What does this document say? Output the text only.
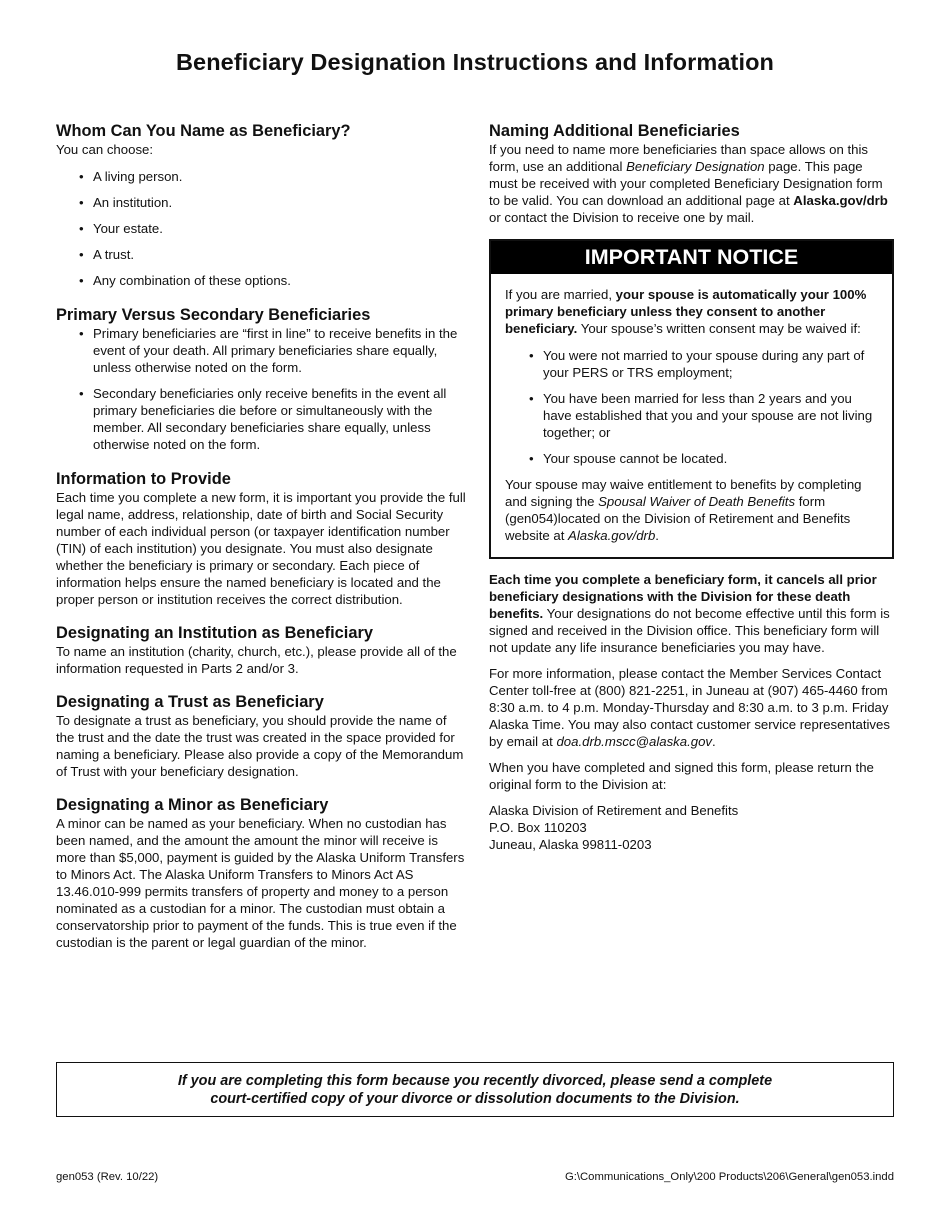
Beneficiary Designation Instructions and Information
Whom Can You Name as Beneficiary?

You can choose:

• A living person.
• An institution.
• Your estate.
• A trust.
• Any combination of these options.
Primary Versus Secondary Beneficiaries
• Primary beneficiaries are “first in line” to receive benefits in the event of your death. All primary beneficiaries share equally, unless otherwise noted on the form.
• Secondary beneficiaries only receive benefits in the event all primary beneficiaries die before or simultaneously with the member. All secondary beneficiaries share equally, unless otherwise noted on the form.
Information to Provide

Each time you complete a new form, it is important you provide the full legal name, address, relationship, date of birth and Social Security number of each individual person (or taxpayer identification number (TIN) of each institution) you designate. You must also designate whether the beneficiary is primary or secondary. Each piece of information helps ensure the named beneficiary is located and the proper person or institution receives the correct distribution.

Designating an Institution as Beneficiary

To name an institution (charity, church, etc.), please provide all of the information requested in Parts 2 and/or 3.

Designating a Trust as Beneficiary

To designate a trust as beneficiary, you should provide the name of the trust and the date the trust was created in the space provided for naming a beneficiary. Please also provide a copy of the Memorandum of Trust with your beneficiary designation.

Designating a Minor as Beneficiary

A minor can be named as your beneficiary. When no custodian has been named, and the amount the amount the minor will receive is more than $5,000, payment is guided by the Alaska Uniform Transfers to Minors Act. The Alaska Uniform Transfers to Minors Act AS 13.46.010-999 permits transfers of property and money to a person nominated as a custodian for a minor. The custodian must obtain a conservatorship prior to payment of the funds. This is true even if the custodian is the parent or legal guardian of the minor.

Naming Additional Beneficiaries

If you need to name more beneficiaries than space allows on this form, use an additional Beneficiary Designation page. This page must be received with your completed Beneficiary Designation form to be valid. You can download an additional page at Alaska.gov/drb or contact the Division to receive one by mail.

IMPORTANT NOTICE

If you are married, your spouse is automatically your 100% primary beneficiary unless they consent to another beneficiary. Your spouse’s written consent may be waived if:

• You were not married to your spouse during any part of your PERS or TRS employment;
• You have been married for less than 2 years and you have established that you and your spouse are not living together; or
• Your spouse cannot be located.

Your spouse may waive entitlement to benefits by completing and signing the Spousal Waiver of Death Benefits form (gen054)located on the Division of Retirement and Benefits website at Alaska.gov/drb.

Each time you complete a beneficiary form, it cancels all prior beneficiary designations with the Division for these death benefits. Your designations do not become effective until this form is signed and received in the Division office. This beneficiary form will not update any life insurance beneficiaries you may have.

For more information, please contact the Member Services Contact Center toll-free at (800) 821-2251, in Juneau at (907) 465-4460 from 8:30 a.m. to 4 p.m. Monday-Thursday and 8:30 a.m. to 3 p.m. Friday Alaska Time. You may also contact customer service representatives by email at doa.drb.mscc@alaska.gov.

When you have completed and signed this form, please return the original form to the Division at:

Alaska Division of Retirement and Benefits
P.O. Box 110203
Juneau, Alaska 99811-0203

If you are completing this form because you recently divorced, please send a complete

court-certified copy of your divorce or dissolution documents to the Division.

gen053 (Rev. 10/22)	G:\Communications_Only\200 Products\206\General\gen053.indd
